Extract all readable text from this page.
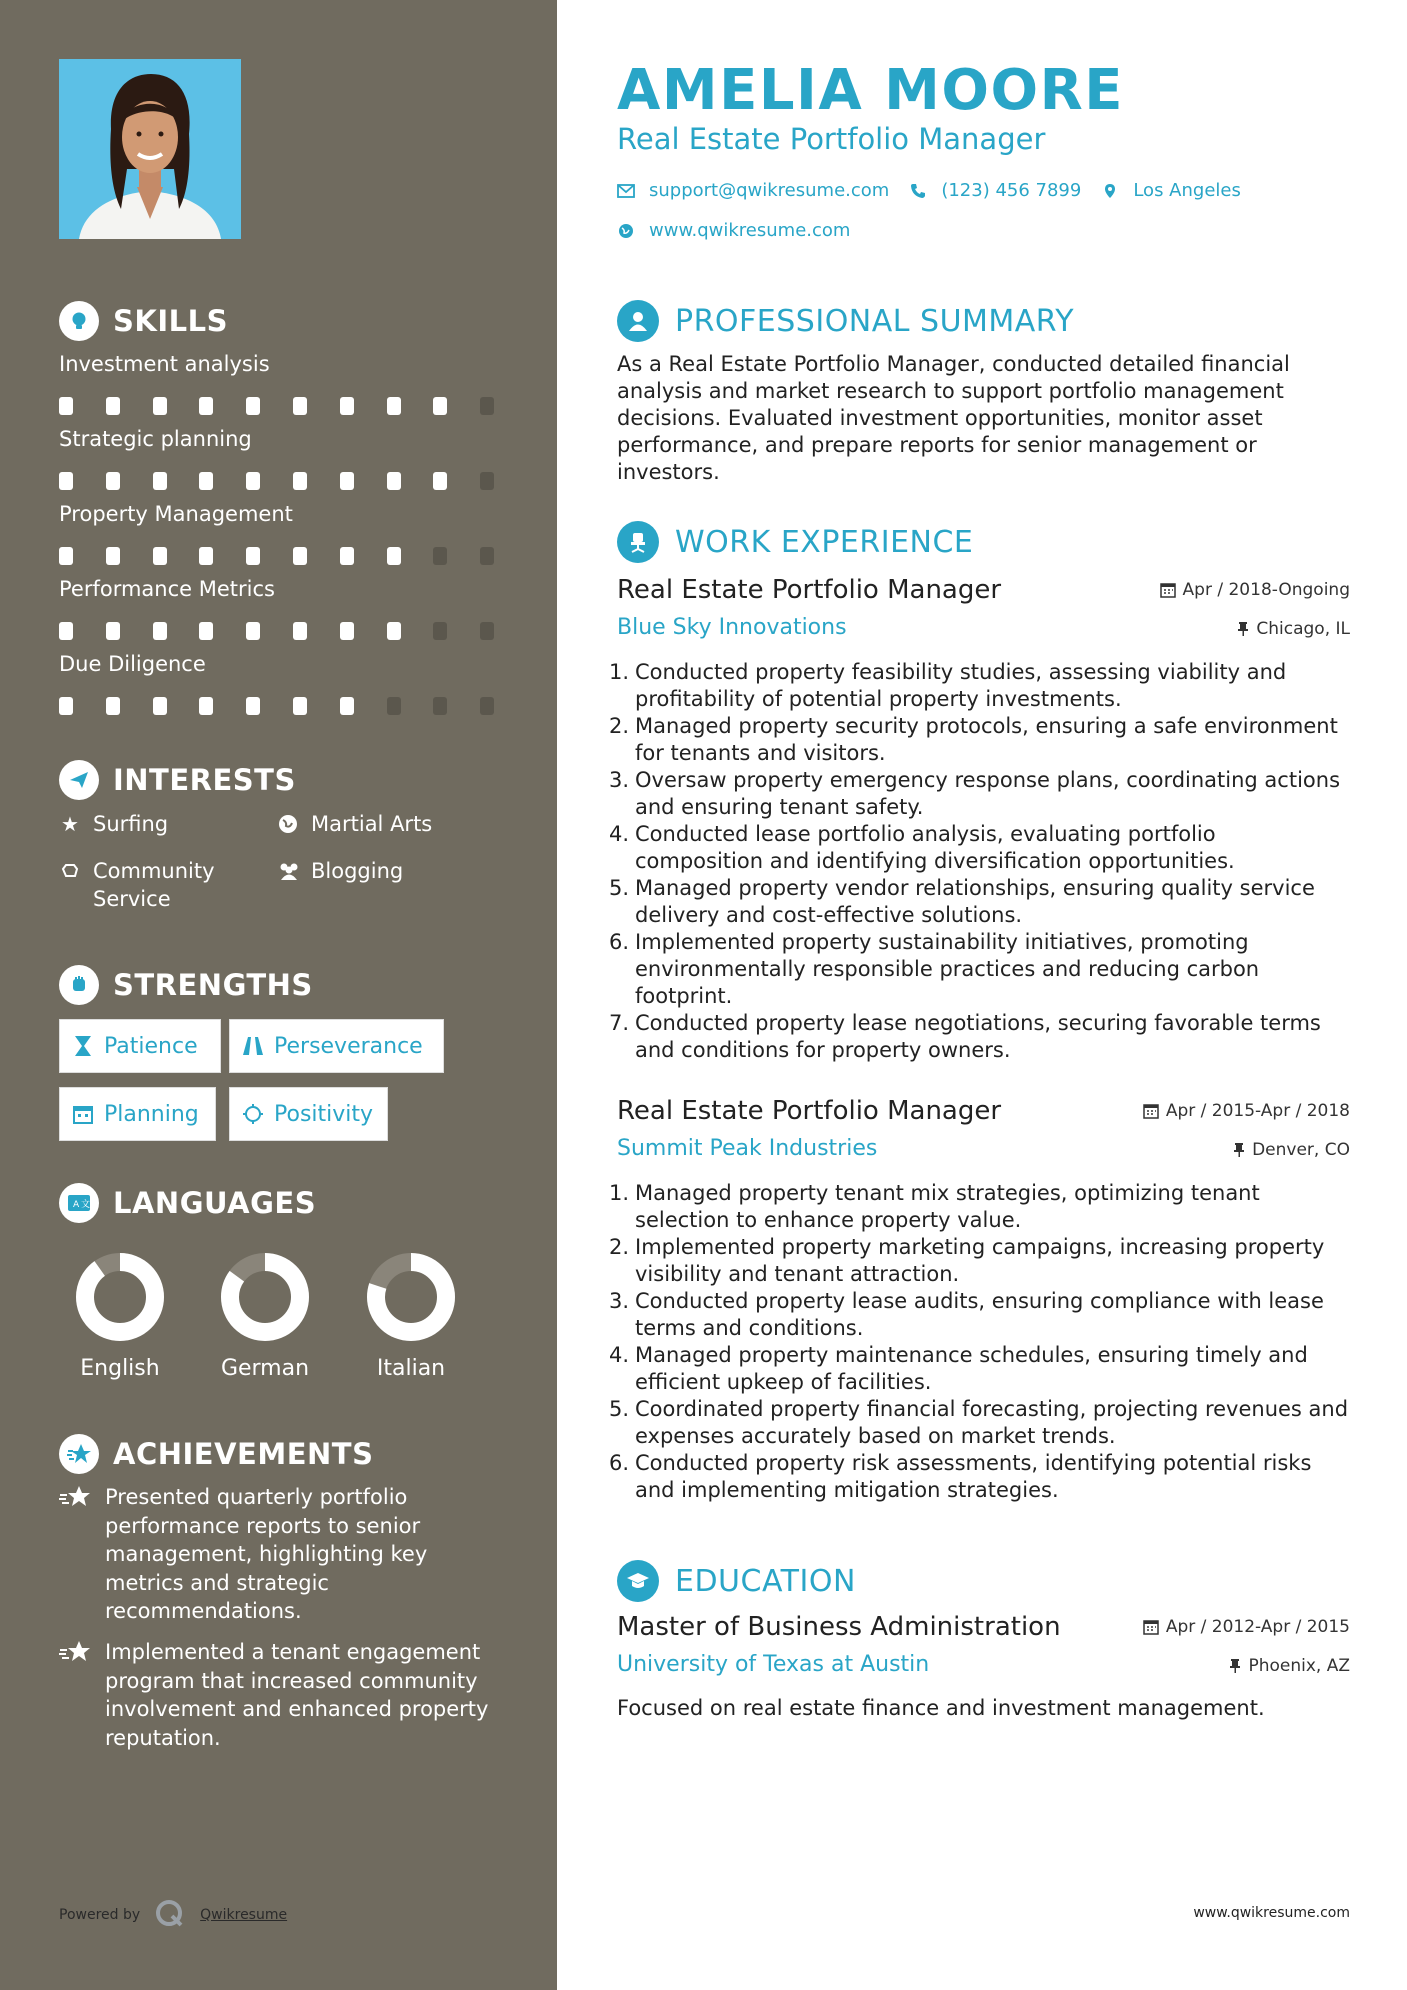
SKILLS
Investment analysis
Strategic planning
Property Management
Performance Metrics
Due Diligence
INTERESTS
★ Surfing	Martial Arts
Community Service
Blogging
STRENGTHS
Patience	Perseverance
Planning	Positivity
A 文 LANGUAGES
English	German	Italian
ACHIEVEMENTS
Presented quarterly portfolio performance reports to senior management, highlighting key metrics and strategic recommendations.
Implemented a tenant engagement program that increased community involvement and enhanced property reputation.
Powered by	Qwikresume
AMELIA MOORE
Real Estate Portfolio Manager
support@qwikresume.com	(123) 456 7899	Los Angeles
www.qwikresume.com
PROFESSIONAL SUMMARY
As a Real Estate Portfolio Manager, conducted detailed financial analysis and market research to support portfolio management decisions. Evaluated investment opportunities, monitor asset performance, and prepare reports for senior management or investors.
WORK EXPERIENCE
Real Estate Portfolio Manager	Apr / 2018-Ongoing
Blue Sky Innovations	Chicago, IL
1. Conducted property feasibility studies, assessing viability and profitability of potential property investments.
2. Managed property security protocols, ensuring a safe environment for tenants and visitors.
3. Oversaw property emergency response plans, coordinating actions and ensuring tenant safety.
4. Conducted lease portfolio analysis, evaluating portfolio composition and identifying diversification opportunities.
5. Managed property vendor relationships, ensuring quality service delivery and cost-effective solutions.
6. Implemented property sustainability initiatives, promoting environmentally responsible practices and reducing carbon footprint.
7. Conducted property lease negotiations, securing favorable terms and conditions for property owners.
Real Estate Portfolio Manager	Apr / 2015-Apr / 2018
Summit Peak Industries	Denver, CO
1. Managed property tenant mix strategies, optimizing tenant selection to enhance property value.
2. Implemented property marketing campaigns, increasing property visibility and tenant attraction.
3. Conducted property lease audits, ensuring compliance with lease terms and conditions.
4. Managed property maintenance schedules, ensuring timely and efficient upkeep of facilities.
5. Coordinated property financial forecasting, projecting revenues and expenses accurately based on market trends.
6. Conducted property risk assessments, identifying potential risks and implementing mitigation strategies.
EDUCATION
Master of Business Administration	Apr / 2012-Apr / 2015
University of Texas at Austin	Phoenix, AZ
Focused on real estate finance and investment management.
www.qwikresume.com
